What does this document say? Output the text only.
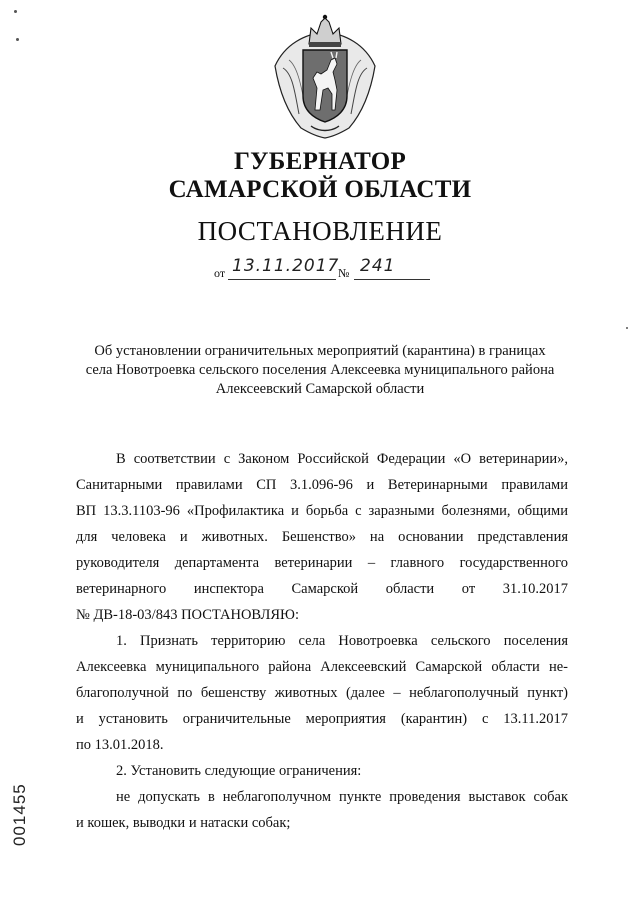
ГУБЕРНАТОР
САМАРСКОЙ ОБЛАСТИ
ПОСТАНОВЛЕНИЕ
от 13.11.2017
№ 241
Об установлении ограничительных мероприятий (карантина) в границах
села Новотроевка сельского поселения Алексеевка муниципального района
Алексеевский Самарской области
В соответствии с Законом Российской Федерации «О ветеринарии»,
Санитарными правилами СП 3.1.096-96 и Ветеринарными правилами
ВП 13.3.1103-96 «Профилактика и борьба с заразными болезнями, общими
для человека и животных. Бешенство» на основании представления
руководителя департамента ветеринарии – главного государственного
ветеринарного инспектора Самарской области от 31.10.2017
№ ДВ-18-03/843 ПОСТАНОВЛЯЮ:
1. Признать территорию села Новотроевка сельского поселения
Алексеевка муниципального района Алексеевский Самарской области не-
благополучной по бешенству животных (далее – неблагополучный пункт)
и установить ограничительные мероприятия (карантин) с 13.11.2017
по 13.01.2018.
2. Установить следующие ограничения:
не допускать в неблагополучном пункте проведения выставок собак
и кошек, выводки и натаски собак;
001455
